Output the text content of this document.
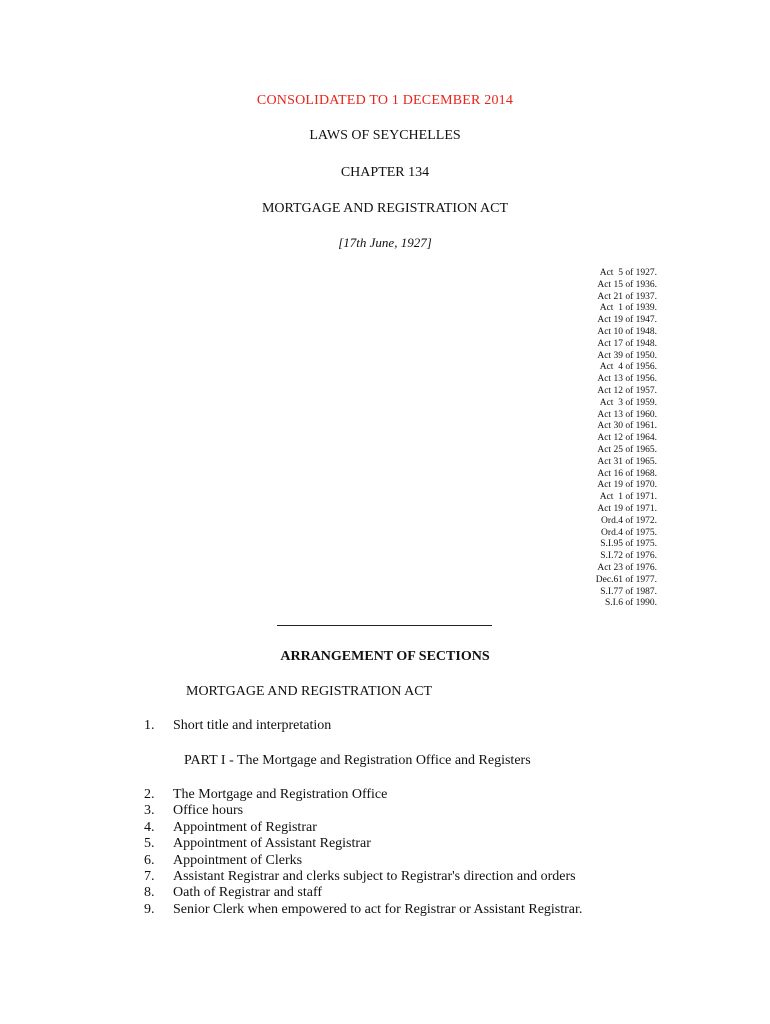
CONSOLIDATED TO 1 DECEMBER 2014
LAWS OF SEYCHELLES
CHAPTER 134
MORTGAGE AND REGISTRATION ACT
[17th June, 1927]
Act  5 of 1927.
Act 15 of 1936.
Act 21 of 1937.
Act  1 of 1939.
Act 19 of 1947.
Act 10 of 1948.
Act 17 of 1948.
Act 39 of 1950.
Act  4 of 1956.
Act 13 of 1956.
Act 12 of 1957.
Act  3 of 1959.
Act 13 of 1960.
Act 30 of 1961.
Act 12 of 1964.
Act 25 of 1965.
Act 31 of 1965.
Act 16 of 1968.
Act 19 of 1970.
Act  1 of 1971.
Act 19 of 1971.
Ord.4 of 1972.
Ord.4 of 1975.
S.I.95 of 1975.
S.I.72 of 1976.
Act 23 of 1976.
Dec.61 of 1977.
S.I.77 of 1987.
S.I.6 of 1990.
ARRANGEMENT OF SECTIONS
MORTGAGE AND REGISTRATION ACT
1. Short title and interpretation
PART I - The Mortgage and Registration Office and Registers
2. The Mortgage and Registration Office
3. Office hours
4. Appointment of Registrar
5. Appointment of Assistant Registrar
6. Appointment of Clerks
7. Assistant Registrar and clerks subject to Registrar's direction and orders
8. Oath of Registrar and staff
9. Senior Clerk when empowered to act for Registrar or Assistant Registrar.
